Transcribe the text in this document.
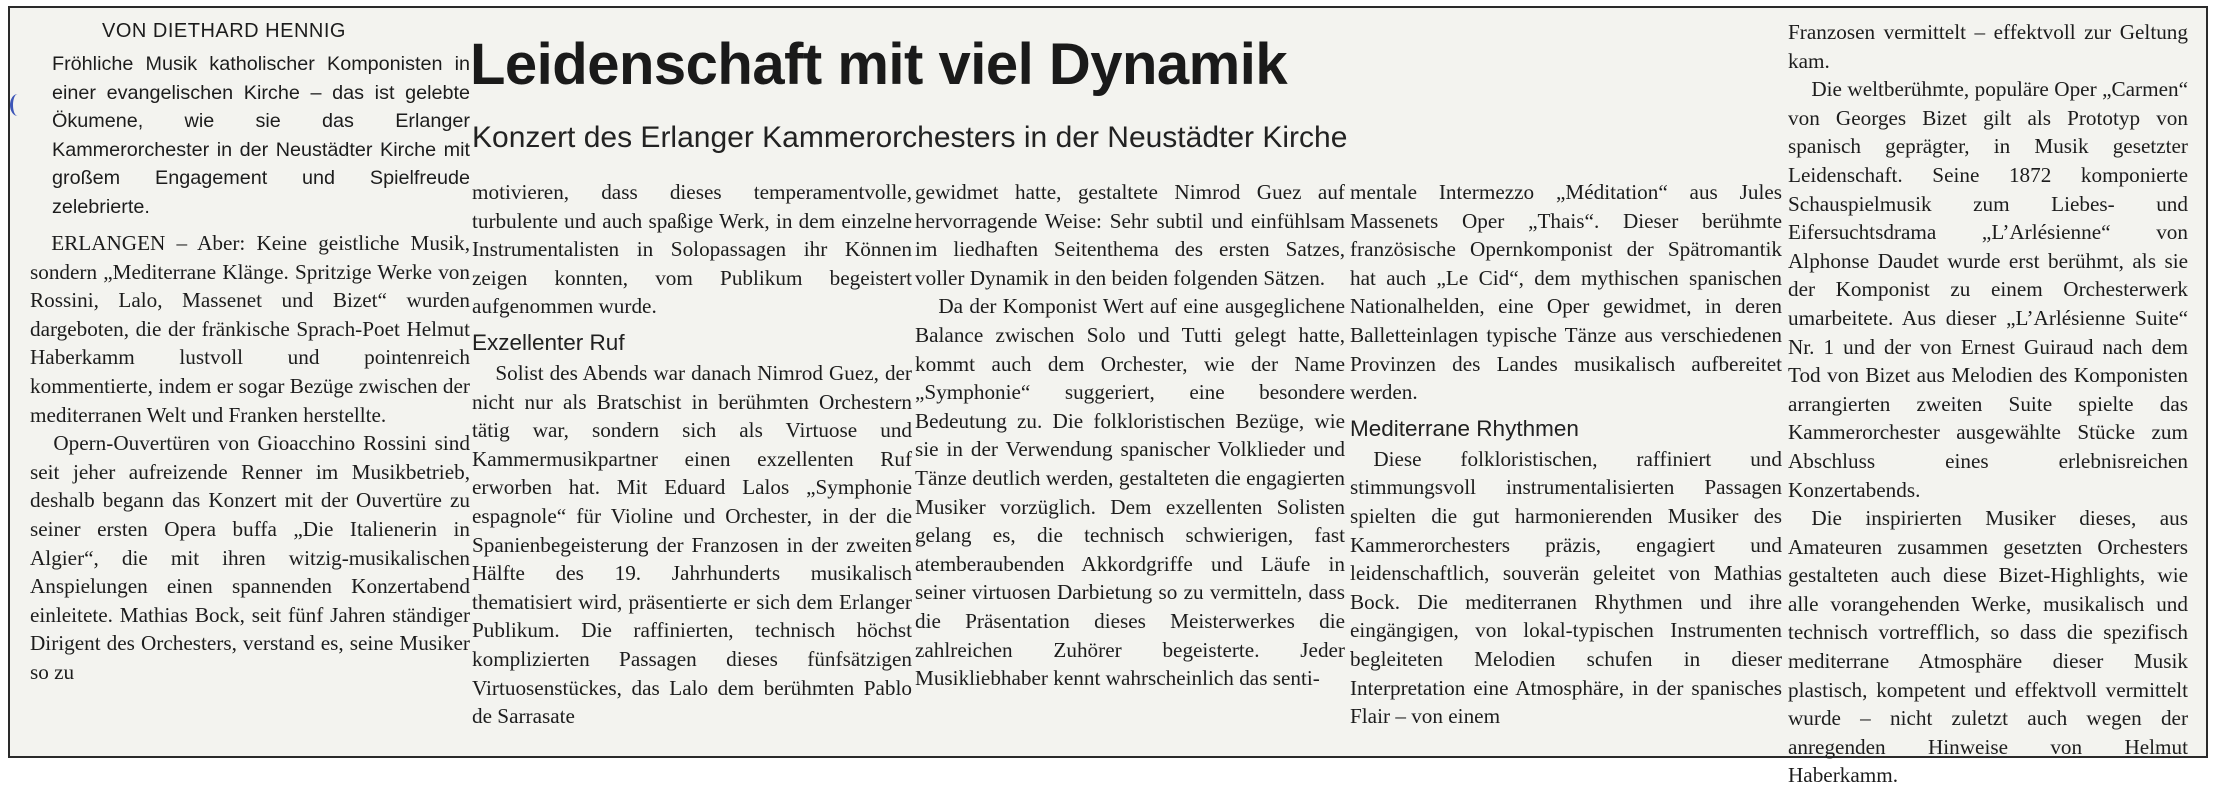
VON DIETHARD HENNIG

Fröhliche Musik katholischer Komponisten in einer evangelischen Kirche – das ist gelebte Ökumene, wie sie das Erlanger Kammerorchester in der Neustädter Kirche mit großem Engagement und Spielfreude zelebrierte.

ERLANGEN – Aber: Keine geistliche Musik, sondern „Mediterrane Klänge. Spritzige Werke von Rossini, Lalo, Massenet und Bizet“ wurden dargeboten, die der fränkische Sprach-Poet Helmut Haberkamm lustvoll und pointenreich kommentierte, indem er sogar Bezüge zwischen der mediterranen Welt und Franken herstellte.

Opern-Ouvertüren von Gioacchino Rossini sind seit jeher aufreizende Renner im Musikbetrieb, deshalb begann das Konzert mit der Ouvertüre zu seiner ersten Opera buffa „Die Italienerin in Algier“, die mit ihren witzig-musikalischen Anspielungen einen spannenden Konzertabend einleitete. Mathias Bock, seit fünf Jahren ständiger Dirigent des Orchesters, verstand es, seine Musiker so zu

Leidenschaft mit viel Dynamik
Konzert des Erlanger Kammerorchesters in der Neustädter Kirche

motivieren, dass dieses temperamentvolle, turbulente und auch spaßige Werk, in dem einzelne Instrumentalisten in Solopassagen ihr Können zeigen konnten, vom Publikum begeistert aufgenommen wurde.

Exzellenter Ruf

Solist des Abends war danach Nimrod Guez, der nicht nur als Bratschist in berühmten Orchestern tätig war, sondern sich als Virtuose und Kammermusikpartner einen exzellenten Ruf erworben hat. Mit Eduard Lalos „Symphonie espagnole“ für Violine und Orchester, in der die Spanienbegeisterung der Franzosen in der zweiten Hälfte des 19. Jahrhunderts musikalisch thematisiert wird, präsentierte er sich dem Erlanger Publikum. Die raffinierten, technisch höchst komplizierten Passagen dieses fünfsätzigen Virtuosenstückes, das Lalo dem berühmten Pablo de Sarrasate

gewidmet hatte, gestaltete Nimrod Guez auf hervorragende Weise: Sehr subtil und einfühlsam im liedhaften Seitenthema des ersten Satzes, voller Dynamik in den beiden folgenden Sätzen.

Da der Komponist Wert auf eine ausgeglichene Balance zwischen Solo und Tutti gelegt hatte, kommt auch dem Orchester, wie der Name „Symphonie“ suggeriert, eine besondere Bedeutung zu. Die folkloristischen Bezüge, wie sie in der Verwendung spanischer Volklieder und Tänze deutlich werden, gestalteten die engagierten Musiker vorzüglich. Dem exzellenten Solisten gelang es, die technisch schwierigen, fast atemberaubenden Akkordgriffe und Läufe in seiner virtuosen Darbietung so zu vermitteln, dass die Präsentation dieses Meisterwerkes die zahlreichen Zuhörer begeisterte. Jeder Musikliebhaber kennt wahrscheinlich das senti-

mentale Intermezzo „Méditation“ aus Jules Massenets Oper „Thais“. Dieser berühmte französische Opernkomponist der Spätromantik hat auch „Le Cid“, dem mythischen spanischen Nationalhelden, eine Oper gewidmet, in deren Balletteinlagen typische Tänze aus verschiedenen Provinzen des Landes musikalisch aufbereitet werden.

Mediterrane Rhythmen

Diese folkloristischen, raffiniert und stimmungsvoll instrumentalisierten Passagen spielten die gut harmonierenden Musiker des Kammerorchesters präzis, engagiert und leidenschaftlich, souverän geleitet von Mathias Bock. Die mediterranen Rhythmen und ihre eingängigen, von lokal-typischen Instrumenten begleiteten Melodien schufen in dieser Interpretation eine Atmosphäre, in der spanisches Flair – von einem

Franzosen vermittelt – effektvoll zur Geltung kam.

Die weltberühmte, populäre Oper „Carmen“ von Georges Bizet gilt als Prototyp von spanisch geprägter, in Musik gesetzter Leidenschaft. Seine 1872 komponierte Schauspielmusik zum Liebes- und Eifersuchtsdrama „L’Arlésienne“ von Alphonse Daudet wurde erst berühmt, als sie der Komponist zu einem Orchesterwerk umarbeitete. Aus dieser „L’Arlésienne Suite“ Nr. 1 und der von Ernest Guiraud nach dem Tod von Bizet aus Melodien des Komponisten arrangierten zweiten Suite spielte das Kammerorchester ausgewählte Stücke zum Abschluss eines erlebnisreichen Konzertabends.

Die inspirierten Musiker dieses, aus Amateuren zusammen gesetzten Orchesters gestalteten auch diese Bizet-Highlights, wie alle vorangehenden Werke, musikalisch und technisch vortrefflich, so dass die spezifisch mediterrane Atmosphäre dieser Musik plastisch, kompetent und effektvoll vermittelt wurde – nicht zuletzt auch wegen der anregenden Hinweise von Helmut Haberkamm.
